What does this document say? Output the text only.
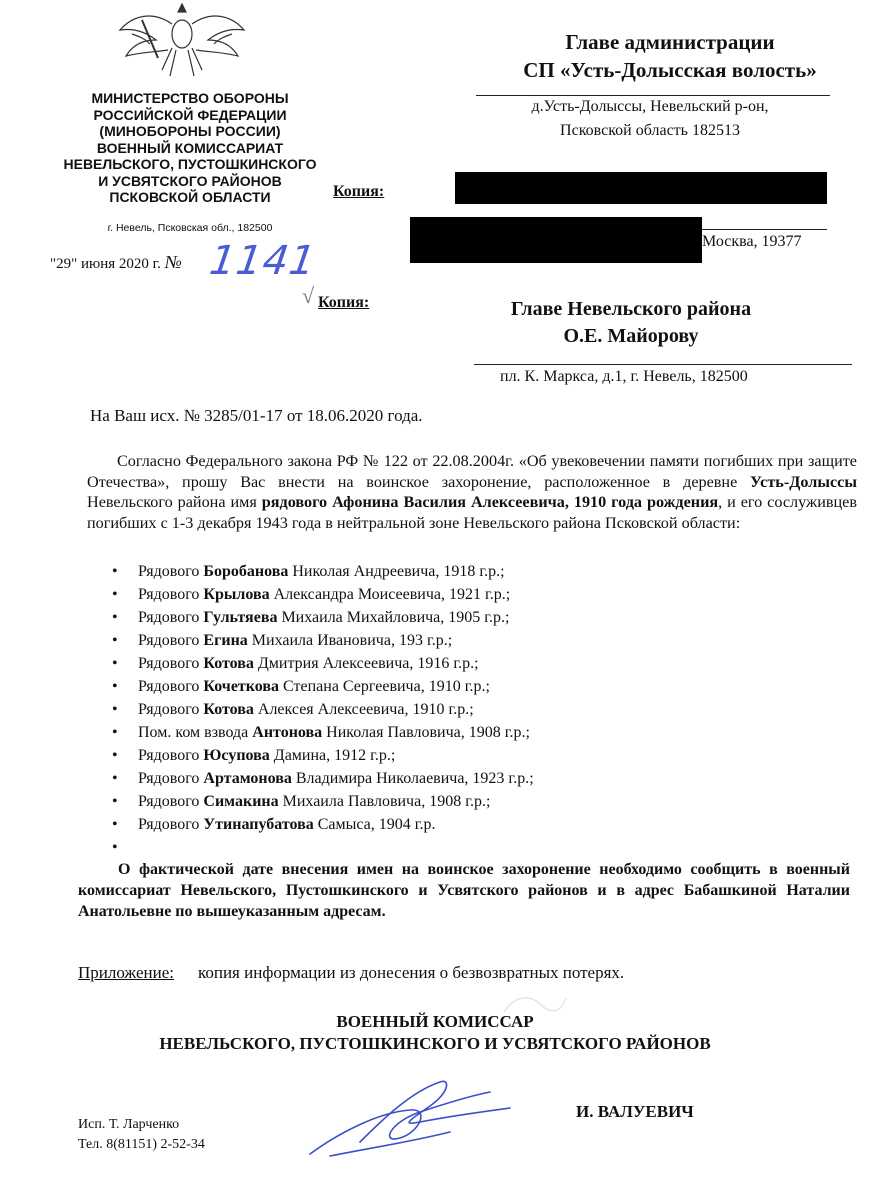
МИНИСТЕРСТВО ОБОРОНЫ
РОССИЙСКОЙ ФЕДЕРАЦИИ
(МИНОБОРОНЫ РОССИИ)
ВОЕННЫЙ КОМИССАРИАТ
НЕВЕЛЬСКОГО, ПУСТОШКИНСКОГО
И УСВЯТСКОГО РАЙОНОВ
ПСКОВСКОЙ ОБЛАСТИ
г. Невель, Псковская обл., 182500
"29" июня 2020 г. № 1141
Главе администрации
СП «Усть-Долысская волость»
д.Усть-Долыссы, Невельский р-он,
Псковской область 182513
Копия:
Москва, 19377
√ Копия:	Главе Невельского района
О.Е. Майорову
пл. К. Маркса, д.1, г. Невель, 182500
На Ваш исх. № 3285/01-17 от 18.06.2020 года.
Согласно Федерального закона РФ № 122 от 22.08.2004г. «Об увековечении памяти погибших при защите Отечества», прошу Вас внести на воинское захоронение, расположенное в деревне Усть-Долыссы Невельского района имя рядового Афонина Василия Алексеевича, 1910 года рождения, и его сослуживцев погибших с 1-3 декабря 1943 года в нейтральной зоне Невельского района Псковской области:
• Рядового Боробанова Николая Андреевича, 1918 г.р.;
• Рядового Крылова Александра Моисеевича, 1921 г.р.;
• Рядового Гультяева Михаила Михайловича, 1905 г.р.;
• Рядового Егина Михаила Ивановича, 193 г.р.;
• Рядового Котова Дмитрия Алексеевича, 1916 г.р.;
• Рядового Кочеткова Степана Сергеевича, 1910 г.р.;
• Рядового Котова Алексея Алексеевича, 1910 г.р.;
• Пом. ком взвода Антонова Николая Павловича, 1908 г.р.;
• Рядового Юсупова Дамина, 1912 г.р.;
• Рядового Артамонова Владимира Николаевича, 1923 г.р.;
• Рядового Симакина Михаила Павловича, 1908 г.р.;
• Рядового Утинапубатова Самыса, 1904 г.р.
•
О фактической дате внесения имен на воинское захоронение необходимо сообщить в военный комиссариат Невельского, Пустошкинского и Усвятского районов и в адрес Бабашкиной Наталии Анатольевне по вышеуказанным адресам.
Приложение: копия информации из донесения о безвозвратных потерях.
ВОЕННЫЙ КОМИССАР
НЕВЕЛЬСКОГО, ПУСТОШКИНСКОГО И УСВЯТСКОГО РАЙОНОВ
И. ВАЛУЕВИЧ
Исп. Т. Ларченко
Тел. 8(81151) 2-52-34
